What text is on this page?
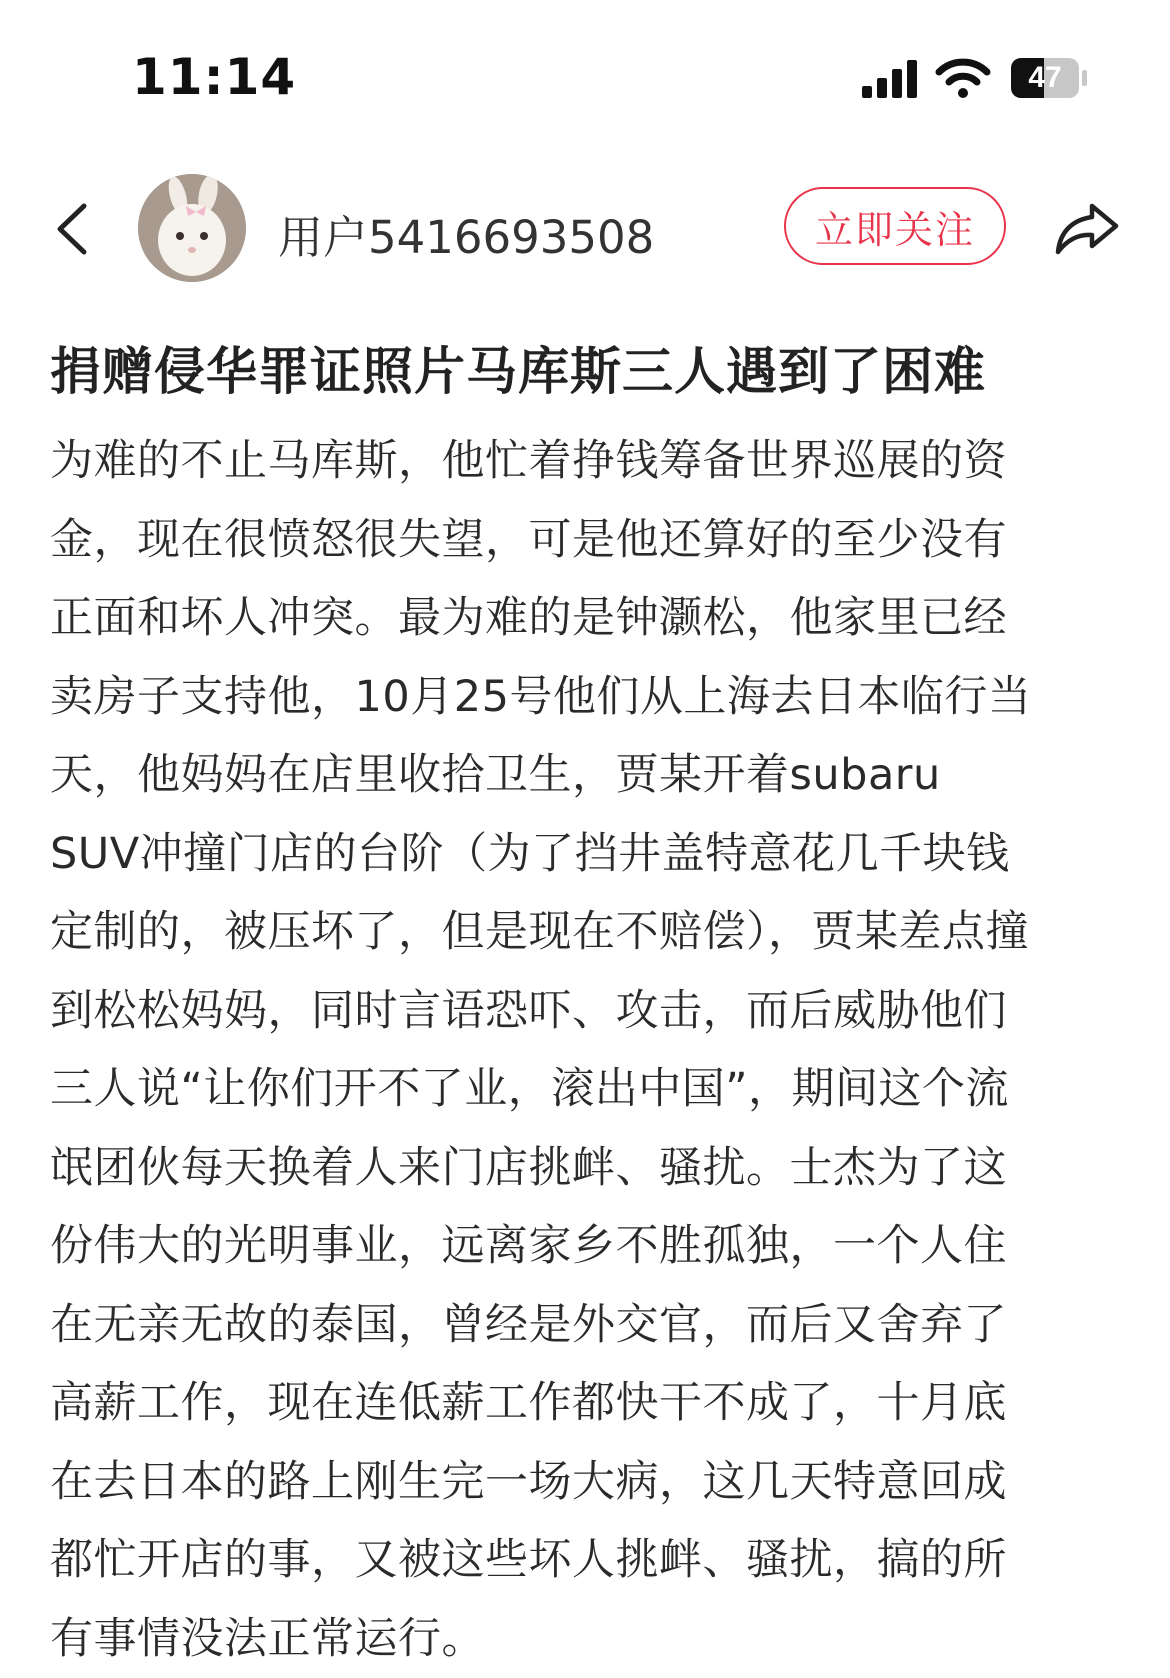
11:14	47
用户5416693508	立即关注
捐赠侵华罪证照片马库斯三人遇到了困难
为难的不止马库斯，他忙着挣钱筹备世界巡展的资
金，现在很愤怒很失望，可是他还算好的至少没有
正面和坏人冲突。最为难的是钟灏松，他家里已经
卖房子支持他，10月25号他们从上海去日本临行当
天，他妈妈在店里收拾卫生，贾某开着subaru
SUV冲撞门店的台阶（为了挡井盖特意花几千块钱
定制的，被压坏了，但是现在不赔偿），贾某差点撞
到松松妈妈，同时言语恐吓、攻击，而后威胁他们
三人说“让你们开不了业，滚出中国”，期间这个流
氓团伙每天换着人来门店挑衅、骚扰。士杰为了这
份伟大的光明事业，远离家乡不胜孤独，一个人住
在无亲无故的泰国，曾经是外交官，而后又舍弃了
高薪工作，现在连低薪工作都快干不成了，十月底
在去日本的路上刚生完一场大病，这几天特意回成
都忙开店的事，又被这些坏人挑衅、骚扰，搞的所
有事情没法正常运行。
